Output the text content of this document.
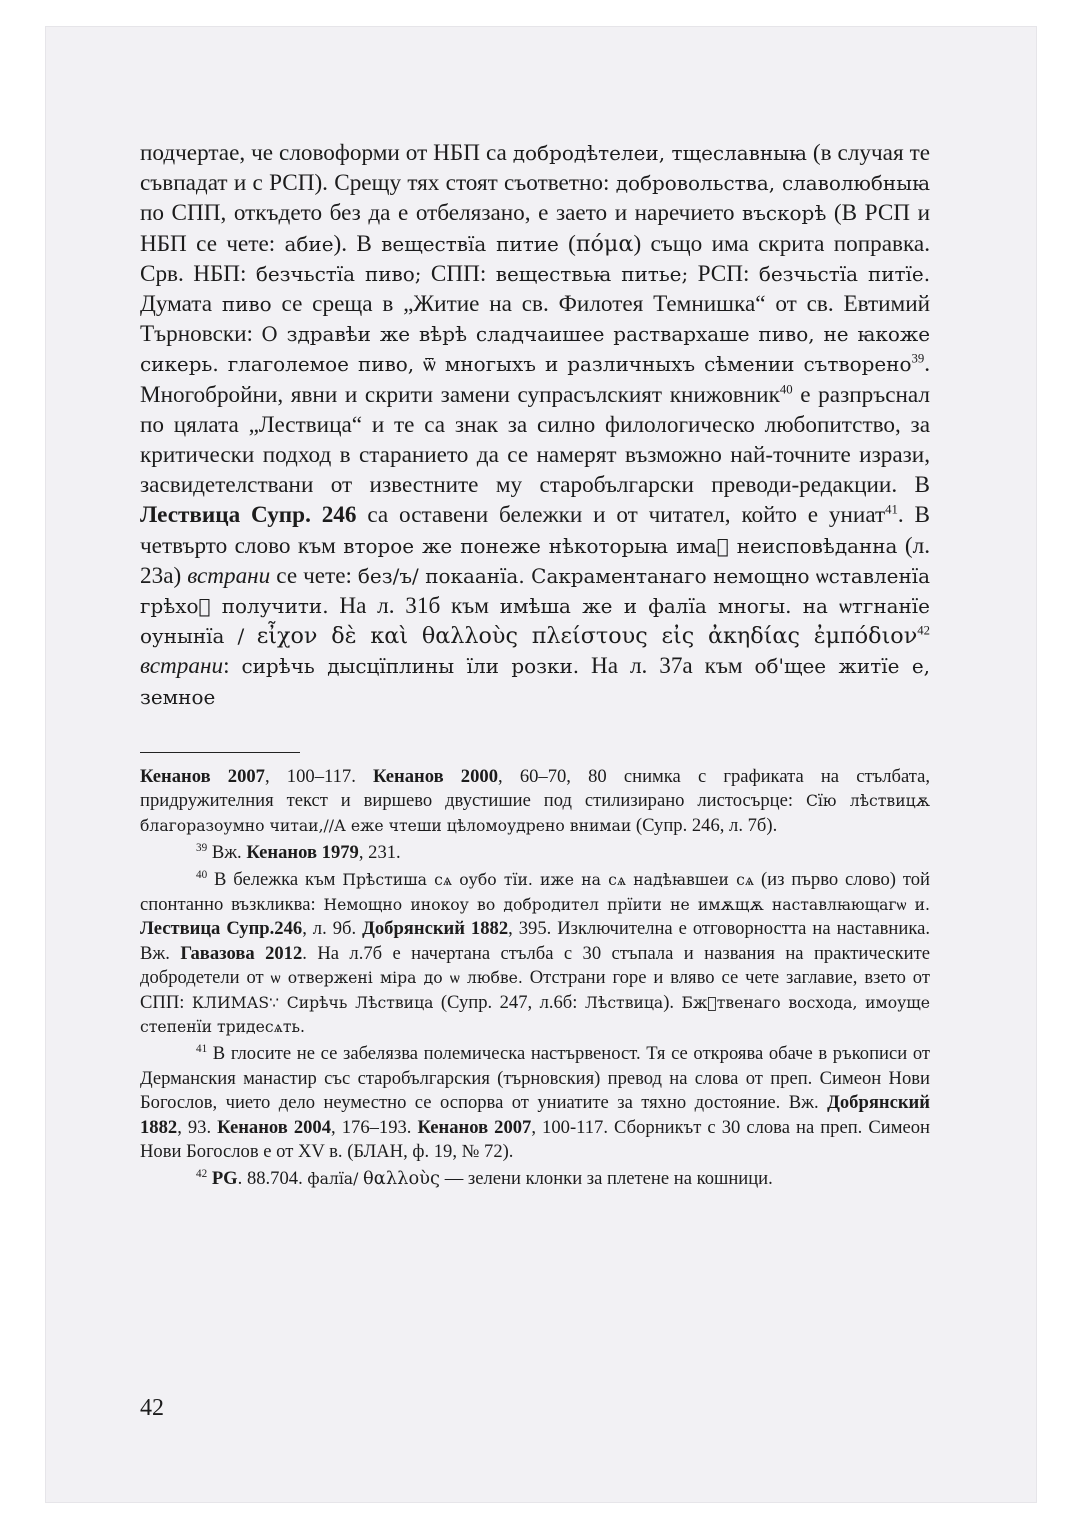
подчертае, че словоформи от НБП са добродѣтелеи, тщеславныꙗ (в случая те съвпадат и с РСП). Срещу тях стоят съответно: добровольства, славолюбныꙗ по СПП, откъдето без да е отбелязано, е заето и наречието въскорѣ (В РСП и НБП се чете: абие). В веществїа питие (πόμα) също има скрита поправка. Срв. НБП: безчьстїа пиво; СПП: веществьꙗ питье; РСП: безчьстїа питїе. Думата пиво се среща в „Житие на св. Филотея Темнишка“ от св. Евтимий Търновски: О здравѣи же вѣрѣ сладчаишее раствархаше пиво, не ꙗкоже сикерь. глаголемое пиво, ѿ многыхъ и различныхъ сѣмении сътворено$^{39}$. Многобройни, явни и скрити замени супрасълският книжовник$^{40}$ е разпръснал по цялата „Лествица“ и те са знак за силно филологическо любопитство, за критически подход в старанието да се намерят възможно най-точните изрази, засвидетелствани от известните му старобългарски преводи-редакции. В Лествица Супр. 246 са оставени бележки и от читател, който е униат$^{41}$. В четвърто слово към второе же понеже нѣкоторыꙗ имаⷮ неисповѣданна (л. 23а) встрани се чете: без/ъ/ покаанїа. Сакраментанаго немощно ѡставленїа грѣхоⷯ получити. На л. 31б към имѣша же и фалїа многы. на ѡтгнанїе оунынїа / εἶχον δὲ καὶ θαλλοὺς πλείστους εἰς ἀκηδίας ἐμπόδιον$^{42}$ встрани: сирѣчь дысцїплины їли розки. На л. 37а към об'щее житїе е, земное

Кенанов 2007, 100–117. Кенанов 2000, 60–70, 80 снимка с графиката на стълбата, придружителния текст и виршево двустишие под стилизирано листосърце: Сїю лѣствицѫ благоразоумно читаи,//А еже чтеши цѣломоудрено внимаи (Супр. 246, л. 7б).

$^{39}$ Вж. Кенанов 1979, 231.

$^{40}$ В бележка към Прѣстиша сѧ оубо тїи. иже на сѧ надѣꙗвшеи сѧ (из първо слово) той спонтанно възкликва: Немощно инокоу во добродител прїити не имѫщѫ наставлꙗющагѡ и. Лествица Супр.246, л. 9б. Добрянский 1882, 395. Изключителна е отговорността на наставника. Вж. Гавазова 2012. На л.7б е начертана стълба с 30 стъпала и названия на практическите добродетели от ѡ отвержені міра до ѡ любве. Отстрани горе и вляво се чете заглавие, взето от СПП: КЛИМАЅ∵ Сирѣчь Лѣствица (Супр. 247, л.6б: Лѣствица). Бжⷭтвенаго восхода, имоуще степенїи тридесѧть.

$^{41}$ В глосите не се забелязва полемическа настървеност. Тя се откроява обаче в ръкописи от Дерманския манастир със старобългарския (търновския) превод на слова от преп. Симеон Нови Богослов, чието дело неуместно се оспорва от униатите за тяхно достояние. Вж. Добрянский 1882, 93. Кенанов 2004, 176–193. Кенанов 2007, 100-117. Сборникът с 30 слова на преп. Симеон Нови Богослов е от XV в. (БЛАН, ф. 19, № 72).

$^{42}$ PG. 88.704. фалїа/ θαλλοὺς — зелени клонки за плетене на кошници.

42
